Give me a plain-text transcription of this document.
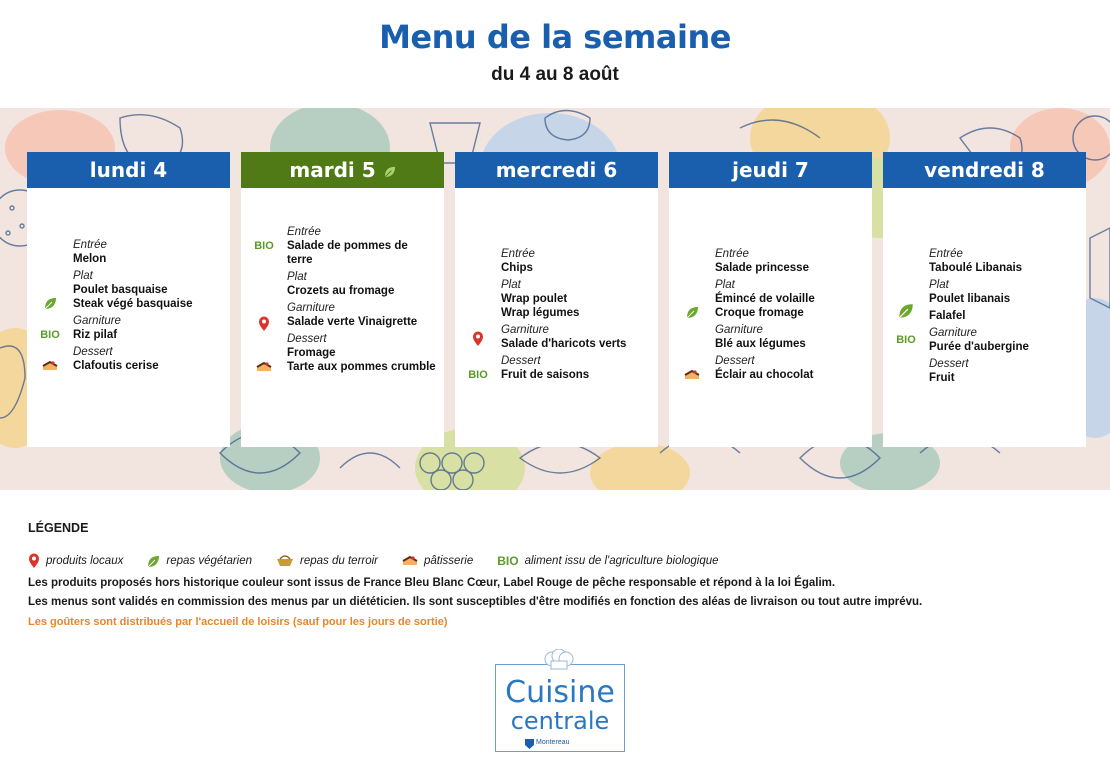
Menu de la semaine
du 4 au 8 août
lundi 4
Entrée
Melon
Plat
Poulet basquaise
Steak végé basquaise
Garniture
BIO Riz pilaf
Dessert
Clafoutis cerise
mardi 5
Entrée
BIO Salade de pommes de terre
Plat
Crozets au fromage
Garniture
Salade verte Vinaigrette
Dessert
Fromage
Tarte aux pommes crumble
mercredi 6
Entrée
Chips
Plat
Wrap poulet
Wrap légumes
Garniture
Salade d'haricots verts
Dessert
BIO Fruit de saisons
jeudi 7
Entrée
Salade princesse
Plat
Émincé de volaille
Croque fromage
Garniture
Blé aux légumes
Dessert
Éclair au chocolat
vendredi 8
Entrée
Taboulé Libanais
Plat
Poulet libanais
Falafel
Garniture
BIO
Purée d'aubergine
Dessert
Fruit
LÉGENDE
produits locaux	repas végétarien	repas du terroir	pâtisserie BIO aliment issu de l'agriculture biologique
Les produits proposés hors historique couleur sont issus de France Bleu Blanc Cœur, Label Rouge de pêche responsable et répond à la loi Égalim.
Les menus sont validés en commission des menus par un diététicien. Ils sont susceptibles d'être modifiés en fonction des aléas de livraison ou tout autre imprévu.
Les goûters sont distribués par l'accueil de loisirs (sauf pour les jours de sortie)
Cuisine
centrale
Montereau
